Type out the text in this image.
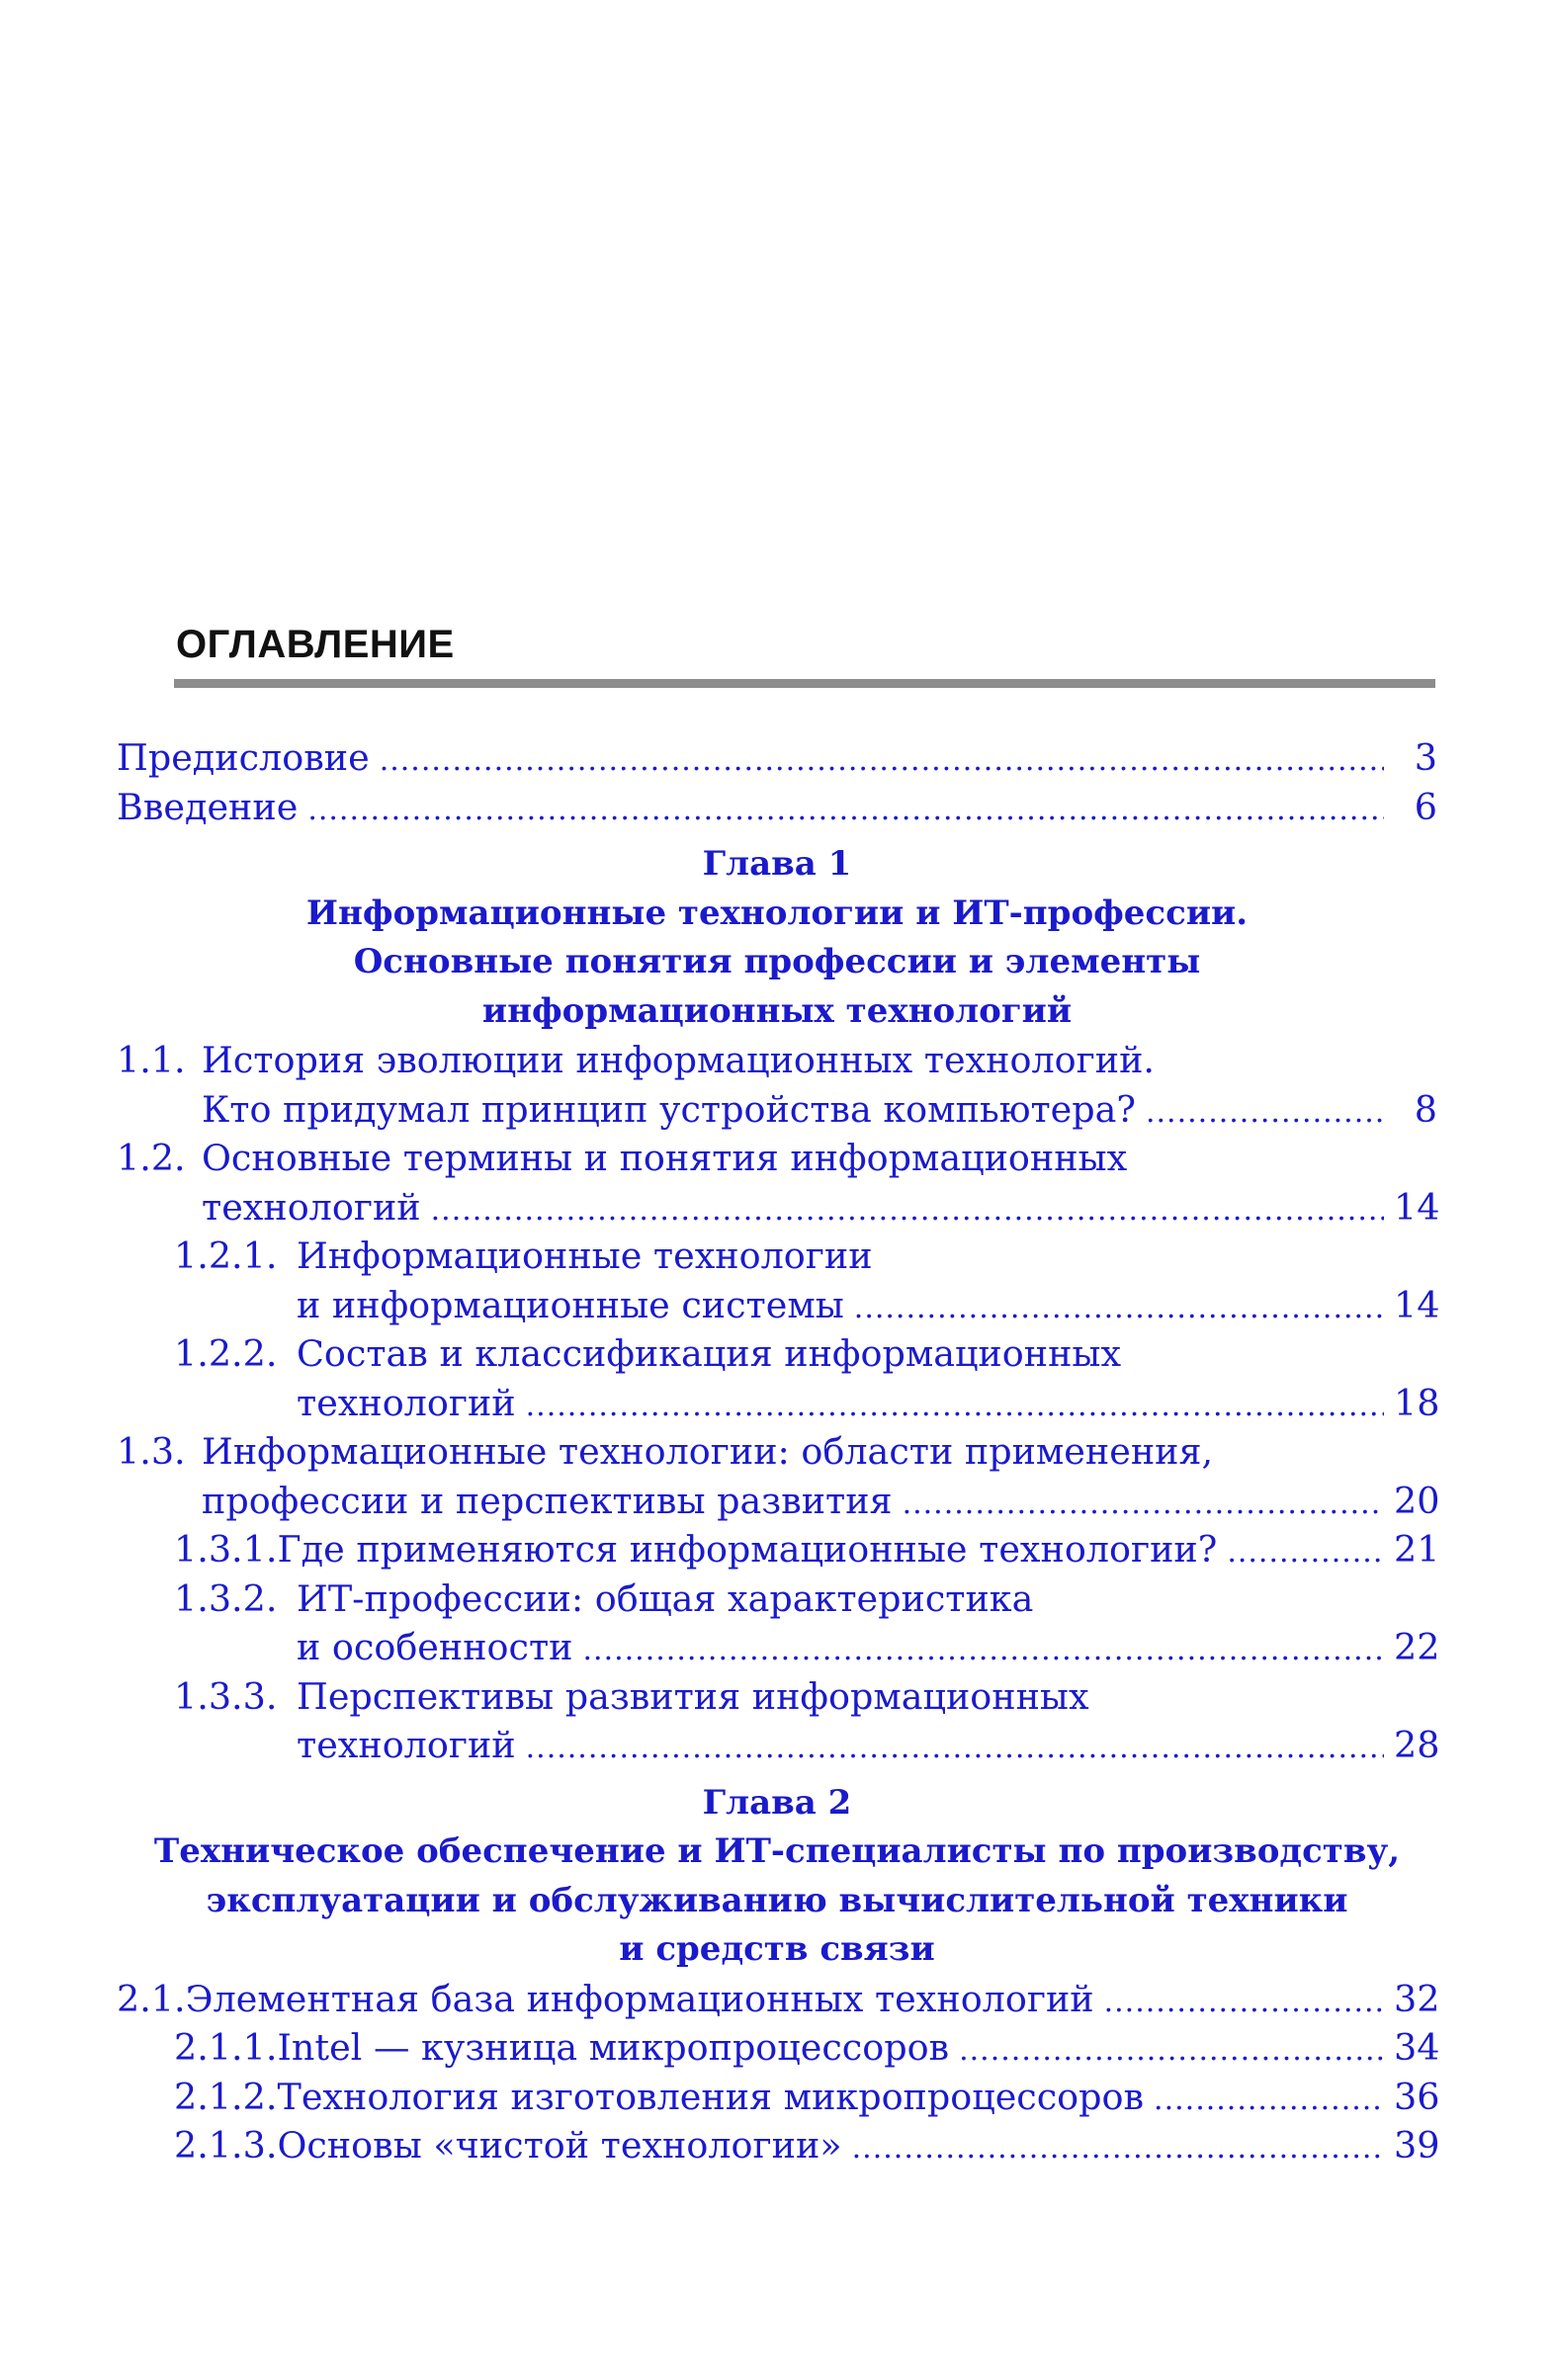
ОГЛАВЛЕНИЕ
Предисловие .....	3
Введение .....	6
Глава 1
Информационные технологии и ИТ-профессии.
Основные понятия профессии и элементы
информационных технологий
1.1. История эволюции информационных технологий.
Кто придумал принцип устройства компьютера? .....	8
1.2. Основные термины и понятия информационных
технологий .....	14
1.2.1. Информационные технологии
и информационные системы .....	14
1.2.2. Состав и классификация информационных
технологий .....	18
1.3. Информационные технологии: области применения,
профессии и перспективы развития .....	20
1.3.1. Где применяются информационные технологии? .....	21
1.3.2. ИТ-профессии: общая характеристика
и особенности .....	22
1.3.3. Перспективы развития информационных
технологий .....	28
Глава 2
Техническое обеспечение и ИТ-специалисты по производству,
эксплуатации и обслуживанию вычислительной техники
и средств связи
2.1. Элементная база информационных технологий .....	32
2.1.1. Intel — кузница микропроцессоров .....	34
2.1.2. Технология изготовления микропроцессоров .....	36
2.1.3. Основы «чистой технологии» .....	39
